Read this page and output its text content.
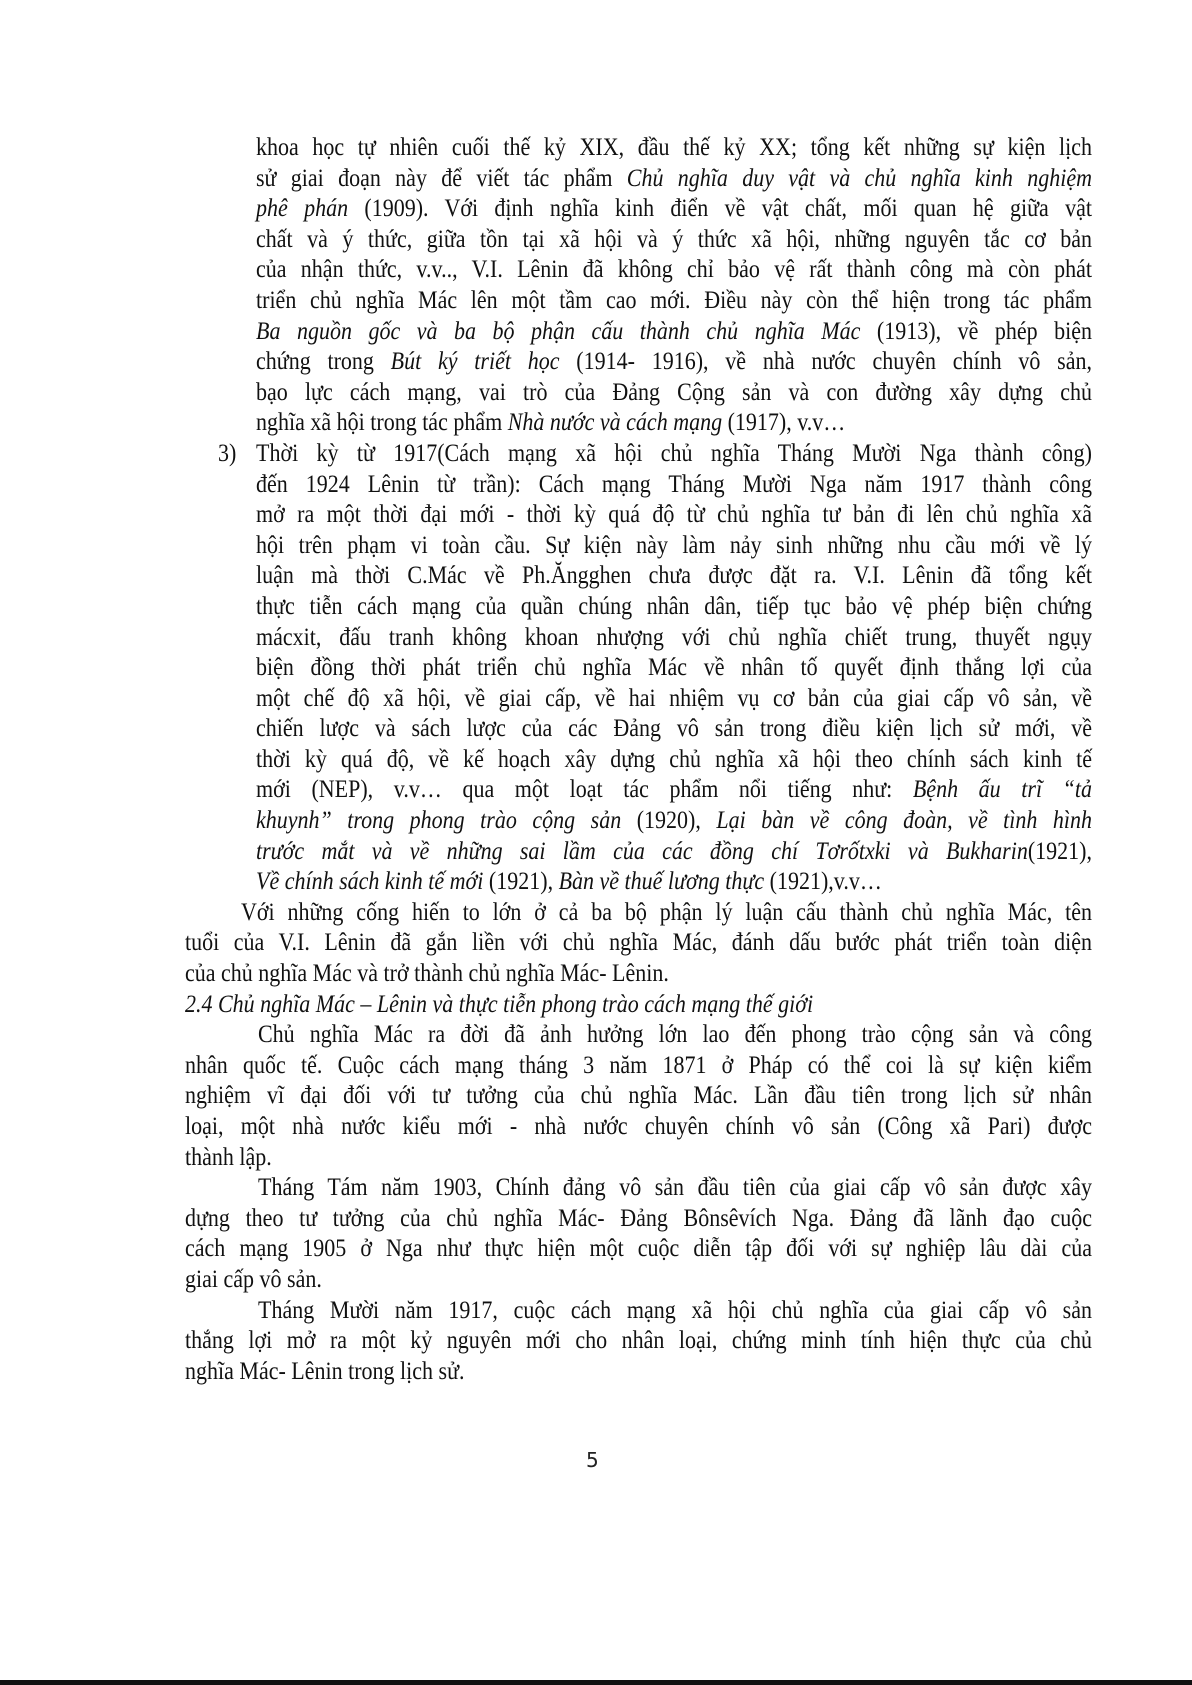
khoa học tự nhiên cuối thế kỷ XIX, đầu thế kỷ XX; tổng kết những sự kiện lịch
sử giai đoạn này để viết tác phẩm Chủ nghĩa duy vật và chủ nghĩa kinh nghiệm
phê phán (1909). Với định nghĩa kinh điển về vật chất, mối quan hệ giữa vật
chất và ý thức, giữa tồn tại xã hội và ý thức xã hội, những nguyên tắc cơ bản
của nhận thức, v.v.., V.I. Lênin đã không chỉ bảo vệ rất thành công mà còn phát
triển chủ nghĩa Mác lên một tầm cao mới. Điều này còn thể hiện trong tác phẩm
Ba nguồn gốc và ba bộ phận cấu thành chủ nghĩa Mác (1913), về phép biện
chứng trong Bút ký triết học (1914- 1916), về nhà nước chuyên chính vô sản,
bạo lực cách mạng, vai trò của Đảng Cộng sản và con đường xây dựng chủ
nghĩa xã hội trong tác phẩm Nhà nước và cách mạng (1917), v.v…
3) Thời kỳ từ 1917(Cách mạng xã hội chủ nghĩa Tháng Mười Nga thành công)
đến 1924 Lênin từ trần): Cách mạng Tháng Mười Nga năm 1917 thành công
mở ra một thời đại mới - thời kỳ quá độ từ chủ nghĩa tư bản đi lên chủ nghĩa xã
hội trên phạm vi toàn cầu. Sự kiện này làm nảy sinh những nhu cầu mới về lý
luận mà thời C.Mác về Ph.Ăngghen chưa được đặt ra. V.I. Lênin đã tổng kết
thực tiễn cách mạng của quần chúng nhân dân, tiếp tục bảo vệ phép biện chứng
mácxit, đấu tranh không khoan nhượng với chủ nghĩa chiết trung, thuyết ngụy
biện đồng thời phát triển chủ nghĩa Mác về nhân tố quyết định thắng lợi của
một chế độ xã hội, về giai cấp, về hai nhiệm vụ cơ bản của giai cấp vô sản, về
chiến lược và sách lược của các Đảng vô sản trong điều kiện lịch sử mới, về
thời kỳ quá độ, về kế hoạch xây dựng chủ nghĩa xã hội theo chính sách kinh tế
mới (NEP), v.v… qua một loạt tác phẩm nổi tiếng như: Bệnh ấu trĩ “tả
khuynh” trong phong trào cộng sản (1920), Lại bàn về công đoàn, về tình hình
trước mắt và về những sai lầm của các đồng chí Tơrốtxki và Bukharin(1921),
Về chính sách kinh tế mới (1921), Bàn về thuế lương thực (1921),v.v…
Với những cống hiến to lớn ở cả ba bộ phận lý luận cấu thành chủ nghĩa Mác, tên
tuổi của V.I. Lênin đã gắn liền với chủ nghĩa Mác, đánh dấu bước phát triển toàn diện
của chủ nghĩa Mác và trở thành chủ nghĩa Mác- Lênin.
2.4 Chủ nghĩa Mác – Lênin và thực tiễn phong trào cách mạng thế giới
Chủ nghĩa Mác ra đời đã ảnh hưởng lớn lao đến phong trào cộng sản và công
nhân quốc tế. Cuộc cách mạng tháng 3 năm 1871 ở Pháp có thể coi là sự kiện kiểm
nghiệm vĩ đại đối với tư tưởng của chủ nghĩa Mác. Lần đầu tiên trong lịch sử nhân
loại, một nhà nước kiểu mới - nhà nước chuyên chính vô sản (Công xã Pari) được
thành lập.
Tháng Tám năm 1903, Chính đảng vô sản đầu tiên của giai cấp vô sản được xây
dựng theo tư tưởng của chủ nghĩa Mác- Đảng Bônsêvích Nga. Đảng đã lãnh đạo cuộc
cách mạng 1905 ở Nga như thực hiện một cuộc diễn tập đối với sự nghiệp lâu dài của
giai cấp vô sản.
Tháng Mười năm 1917, cuộc cách mạng xã hội chủ nghĩa của giai cấp vô sản
thắng lợi mở ra một kỷ nguyên mới cho nhân loại, chứng minh tính hiện thực của chủ
nghĩa Mác- Lênin trong lịch sử.
5
